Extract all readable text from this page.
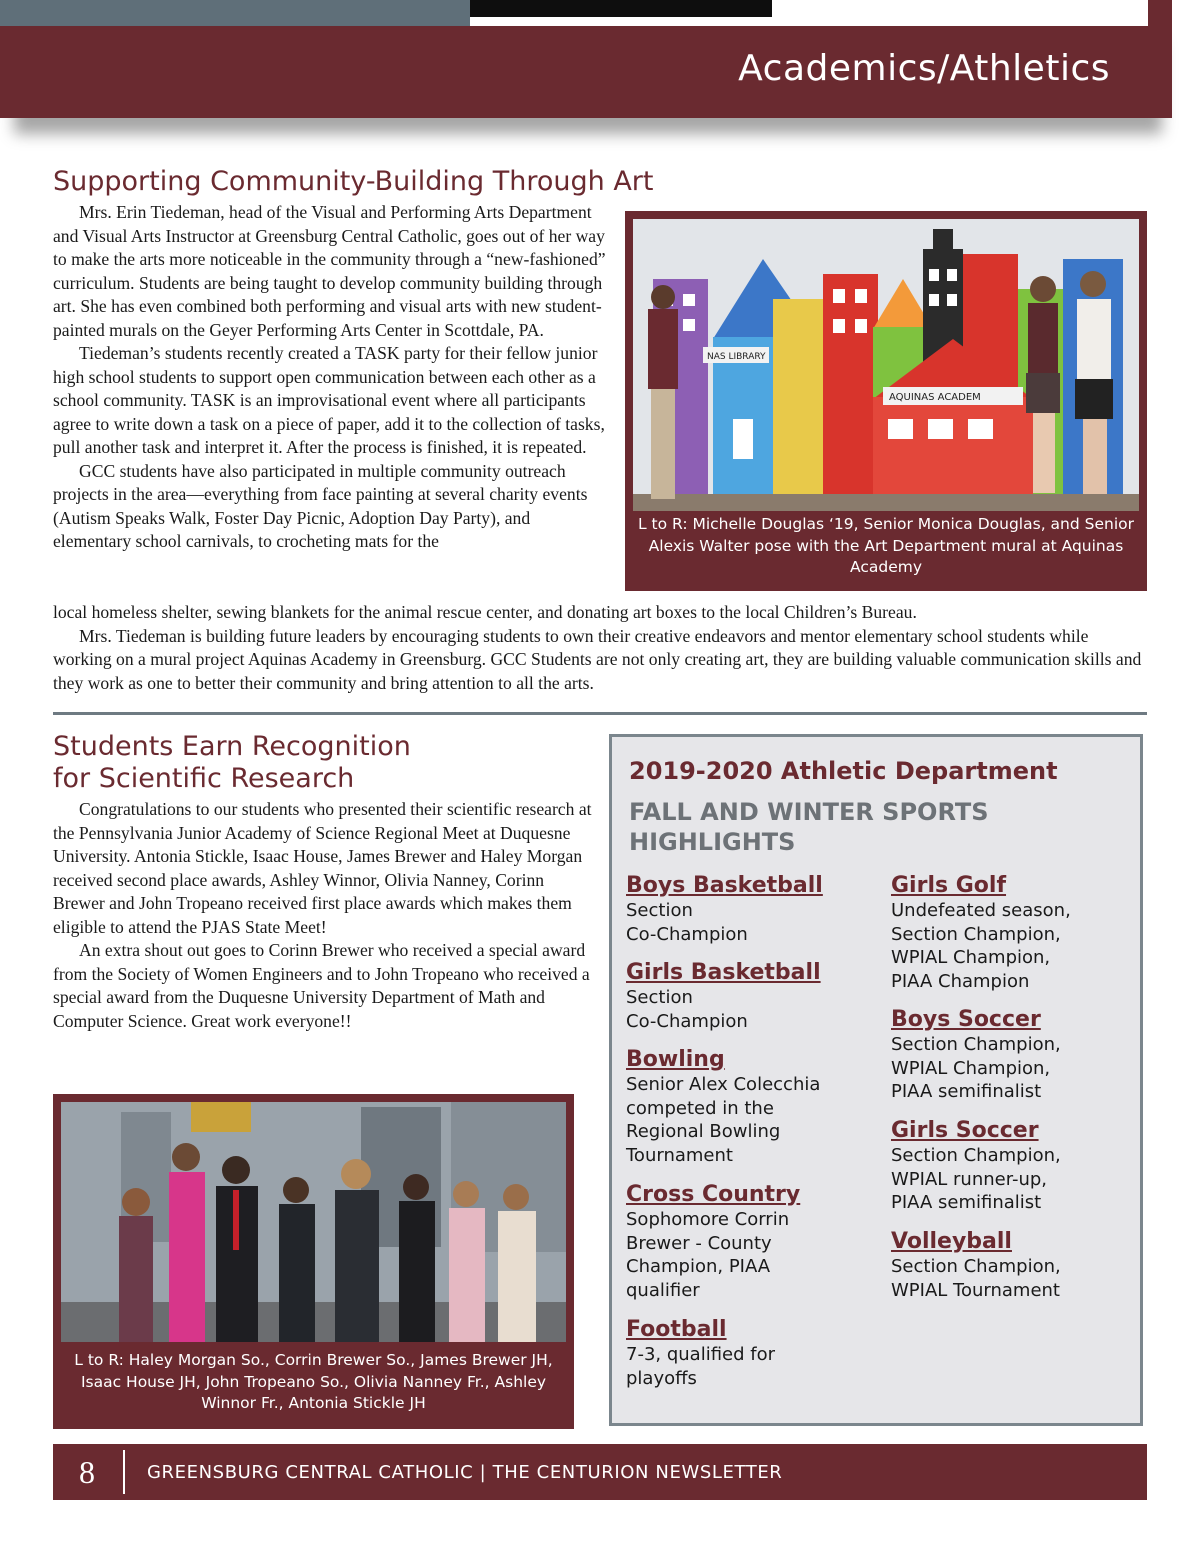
Academics/Athletics
Supporting Community-Building Through Art

Mrs. Erin Tiedeman, head of the Visual and Performing Arts Department and Visual Arts Instructor at Greensburg Central Catholic, goes out of her way to make the arts more noticeable in the community through a “new-fashioned” curriculum. Students are being taught to develop community building through art. She has even combined both performing and visual arts with new student-painted murals on the Geyer Performing Arts Center in Scottdale, PA.

Tiedeman’s students recently created a TASK party for their fellow junior high school students to support open communication between each other as a school community. TASK is an improvisational event where all participants agree to write down a task on a piece of paper, add it to the collection of tasks, pull another task and interpret it. After the process is finished, it is repeated.

GCC students have also participated in multiple community outreach projects in the area—everything from face painting at several charity events (Autism Speaks Walk, Foster Day Picnic, Adoption Day Party), and elementary school carnivals, to crocheting mats for the

local homeless shelter, sewing blankets for the animal rescue center, and donating art boxes to the local Children’s Bureau.

Mrs. Tiedeman is building future leaders by encouraging students to own their creative endeavors and mentor elementary school students while working on a mural project Aquinas Academy in Greensburg. GCC Students are not only creating art, they are building valuable communication skills and they work as one to better their community and bring attention to all the arts.

NAS LIBRARY
AQUINAS ACADEM
L to R: Michelle Douglas ‘19, Senior Monica Douglas, and Senior Alexis Walter pose with the Art Department mural at Aquinas Academy
Students Earn Recognition
for Scientific Research

Congratulations to our students who presented their scientific research at the Pennsylvania Junior Academy of Science Regional Meet at Duquesne University. Antonia Stickle, Isaac House, James Brewer and Haley Morgan received second place awards, Ashley Winnor, Olivia Nanney, Corinn Brewer and John Tropeano received first place awards which makes them eligible to attend the PJAS State Meet!

An extra shout out goes to Corinn Brewer who received a special award from the Society of Women Engineers and to John Tropeano who received a special award from the Duquesne University Department of Math and Computer Science. Great work everyone!!

L to R: Haley Morgan So., Corrin Brewer So., James Brewer JH, Isaac House JH, John Tropeano So., Olivia Nanney Fr., Ashley Winnor Fr., Antonia Stickle JH
2019-2020 Athletic Department
FALL AND WINTER SPORTS HIGHLIGHTS
Boys Basketball
Section
Co-Champion
Girls Basketball
Section
Co-Champion
Bowling
Senior Alex Colecchia
competed in the
Regional Bowling
Tournament
Cross Country
Sophomore Corrin
Brewer - County
Champion, PIAA
qualifier
Football
7-3, qualified for
playoffs
Girls Golf
Undefeated season,
Section Champion,
WPIAL Champion,
PIAA Champion
Boys Soccer
Section Champion,
WPIAL Champion,
PIAA semifinalist
Girls Soccer
Section Champion,
WPIAL runner-up,
PIAA semifinalist
Volleyball
Section Champion,
WPIAL Tournament
8	GREENSBURG CENTRAL CATHOLIC | THE CENTURION NEWSLETTER
